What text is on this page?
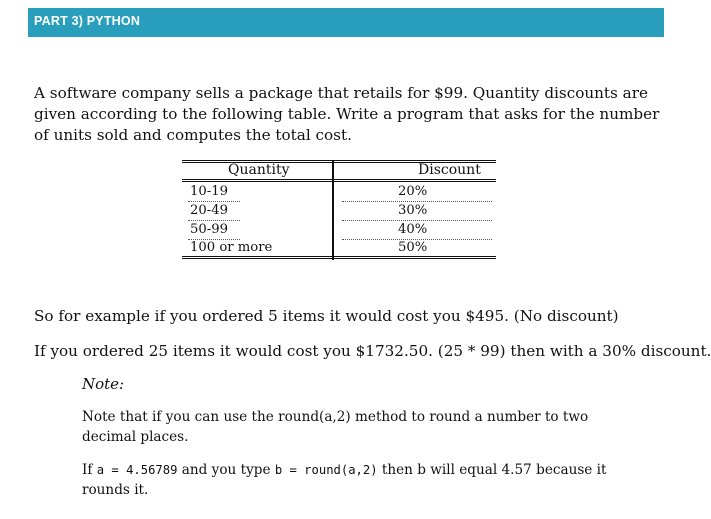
PART 3) PYTHON
A software company sells a package that retails for $99. Quantity discounts are given according to the following table. Write a program that asks for the number of units sold and computes the total cost.
Quantity	Discount
10-19	20%
20-49	30%
50-99	40%
100 or more	50%
So for example if you ordered 5 items it would cost you $495. (No discount)
If you ordered 25 items it would cost you $1732.50. (25 * 99) then with a 30% discount.
Note:
Note that if you can use the round(a,2) method to round a number to two decimal places.
If a = 4.56789 and you type b = round(a,2) then b will equal 4.57 because it rounds it.
